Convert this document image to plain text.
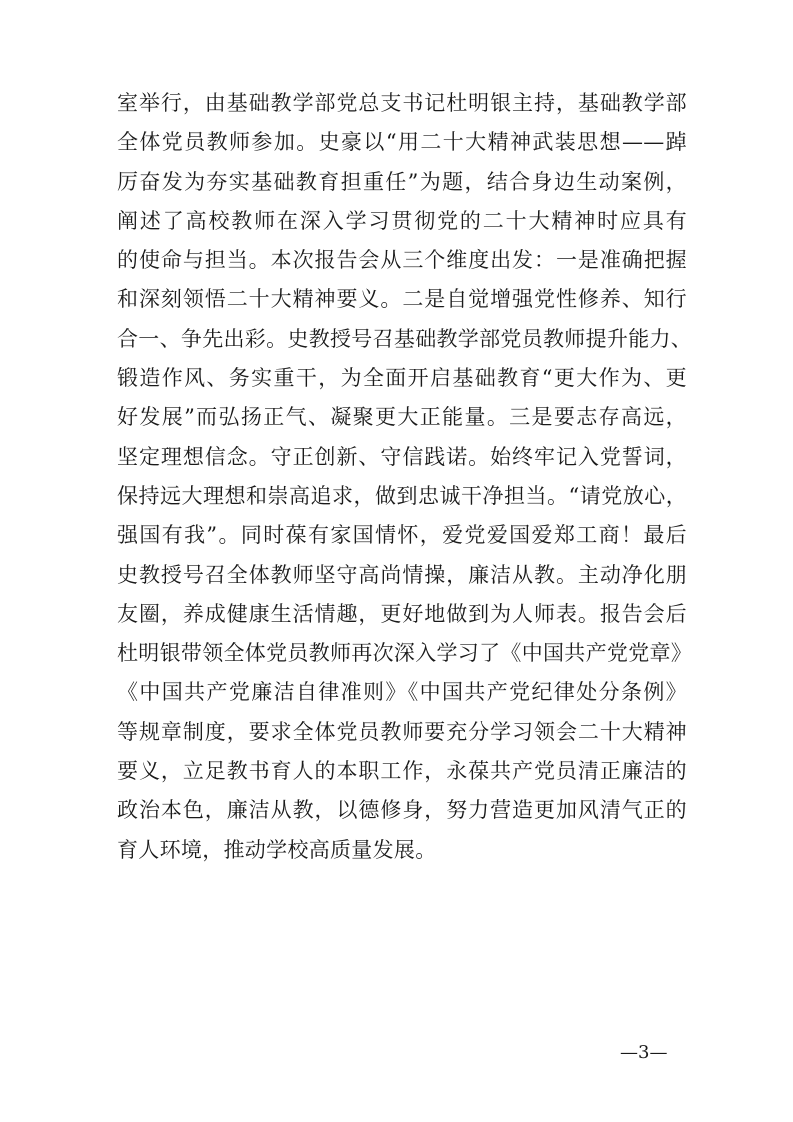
室举行，由基础教学部党总支书记杜明银主持，基础教学部
全体党员教师参加。史豪以“用二十大精神武装思想——踔
厉奋发为夯实基础教育担重任”为题，结合身边生动案例，
阐述了高校教师在深入学习贯彻党的二十大精神时应具有
的使命与担当。本次报告会从三个维度出发：一是准确把握
和深刻领悟二十大精神要义。二是自觉增强党性修养、知行
合一、争先出彩。史教授号召基础教学部党员教师提升能力、
锻造作风、务实重干，为全面开启基础教育“更大作为、更
好发展”而弘扬正气、凝聚更大正能量。三是要志存高远，
坚定理想信念。守正创新、守信践诺。始终牢记入党誓词，
保持远大理想和崇高追求，做到忠诚干净担当。“请党放心，
强国有我”。同时葆有家国情怀，爱党爱国爱郑工商！最后
史教授号召全体教师坚守高尚情操，廉洁从教。主动净化朋
友圈，养成健康生活情趣，更好地做到为人师表。报告会后
杜明银带领全体党员教师再次深入学习了《中国共产党党章》
《中国共产党廉洁自律准则》《中国共产党纪律处分条例》
等规章制度，要求全体党员教师要充分学习领会二十大精神
要义，立足教书育人的本职工作，永葆共产党员清正廉洁的
政治本色，廉洁从教，以德修身，努力营造更加风清气正的
育人环境，推动学校高质量发展。
—3—
